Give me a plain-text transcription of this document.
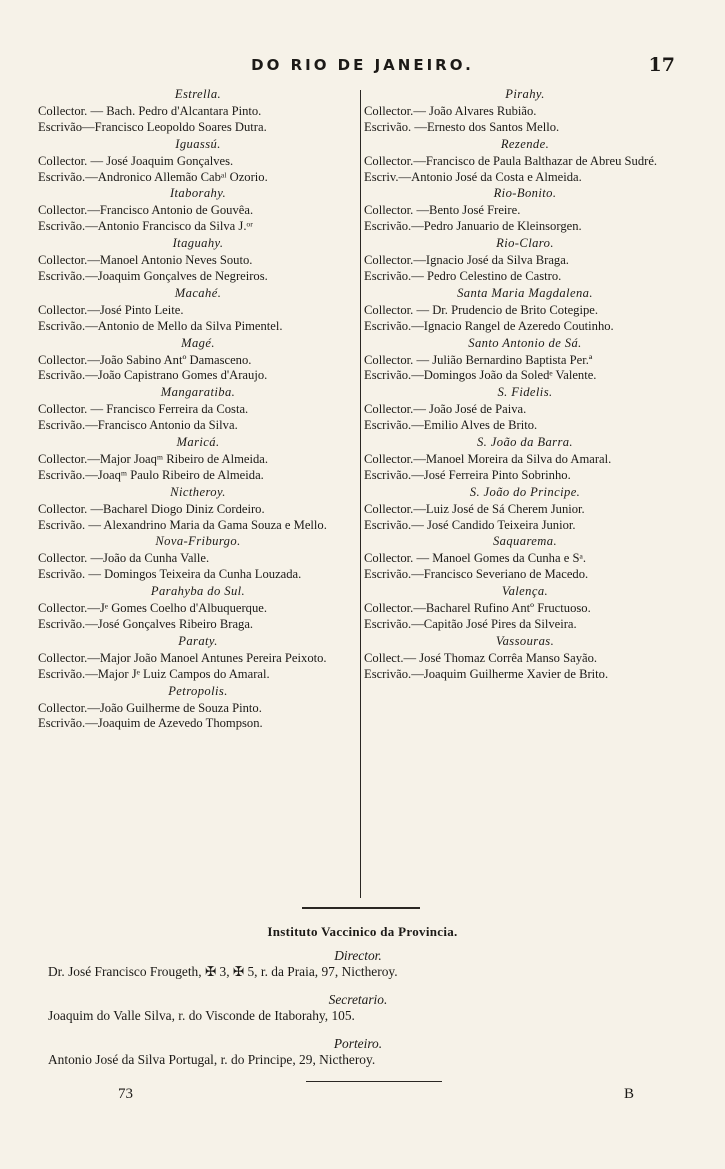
DO RIO DE JANEIRO.	17
Estrella.

Collector. — Bach. Pedro d'Alcantara Pinto.

Escrivão—Francisco Leopoldo Soares Dutra.

Iguassú.

Collector. — José Joaquim Gonçalves.

Escrivão.—Andronico Allemão Cabᵃˡ Ozorio.

Itaborahy.

Collector.—Francisco Antonio de Gouvêa.

Escrivão.—Antonio Francisco da Silva J.ᵒʳ

Itaguahy.

Collector.—Manoel Antonio Neves Souto.

Escrivão.—Joaquim Gonçalves de Negreiros.

Macahé.

Collector.—José Pinto Leite.

Escrivão.—Antonio de Mello da Silva Pimentel.

Magé.

Collector.—João Sabino Antº Damasceno.

Escrivão.—João Capistrano Gomes d'Araujo.

Mangaratiba.

Collector. — Francisco Ferreira da Costa.

Escrivão.—Francisco Antonio da Silva.

Maricá.

Collector.—Major Joaqᵐ Ribeiro de Almeida.

Escrivão.—Joaqᵐ Paulo Ribeiro de Almeida.

Nictheroy.

Collector. —Bacharel Diogo Diniz Cordeiro.

Escrivão. — Alexandrino Maria da Gama Souza e Mello.

Nova-Friburgo.

Collector. —João da Cunha Valle.

Escrivão. — Domingos Teixeira da Cunha Louzada.

Parahyba do Sul.

Collector.—Jᵉ Gomes Coelho d'Albuquerque.

Escrivão.—José Gonçalves Ribeiro Braga.

Paraty.

Collector.—Major João Manoel Antunes Pereira Peixoto.

Escrivão.—Major Jᵉ Luiz Campos do Amaral.

Petropolis.

Collector.—João Guilherme de Souza Pinto.

Escrivão.—Joaquim de Azevedo Thompson.

Pirahy.

Collector.— João Alvares Rubião.

Escrivão. —Ernesto dos Santos Mello.

Rezende.

Collector.—Francisco de Paula Balthazar de Abreu Sudré.

Escriv.—Antonio José da Costa e Almeida.

Rio-Bonito.

Collector. —Bento José Freire.

Escrivão.—Pedro Januario de Kleinsorgen.

Rio-Claro.

Collector.—Ignacio José da Silva Braga.

Escrivão.— Pedro Celestino de Castro.

Santa Maria Magdalena.

Collector. — Dr. Prudencio de Brito Cotegipe.

Escrivão.—Ignacio Rangel de Azeredo Coutinho.

Santo Antonio de Sá.

Collector. — Julião Bernardino Baptista Per.ª

Escrivão.—Domingos João da Soledᵉ Valente.

S. Fidelis.

Collector.— João José de Paiva.

Escrivão.—Emilio Alves de Brito.

S. João da Barra.

Collector.—Manoel Moreira da Silva do Amaral.

Escrivão.—José Ferreira Pinto Sobrinho.

S. João do Principe.

Collector.—Luiz José de Sá Cherem Junior.

Escrivão.— José Candido Teixeira Junior.

Saquarema.

Collector. — Manoel Gomes da Cunha e Sᵃ.

Escrivão.—Francisco Severiano de Macedo.

Valença.

Collector.—Bacharel Rufino Antº Fructuoso.

Escrivão.—Capitão José Pires da Silveira.

Vassouras.

Collect.— José Thomaz Corrêa Manso Sayão.

Escrivão.—Joaquim Guilherme Xavier de Brito.

Instituto Vaccinico da Provincia.
Director.

Dr. José Francisco Frougeth, ✠ 3, ✠ 5, r. da Praia, 97, Nictheroy.

Secretario.

Joaquim do Valle Silva, r. do Visconde de Itaborahy, 105.

Porteiro.

Antonio José da Silva Portugal, r. do Principe, 29, Nictheroy.

73	B
